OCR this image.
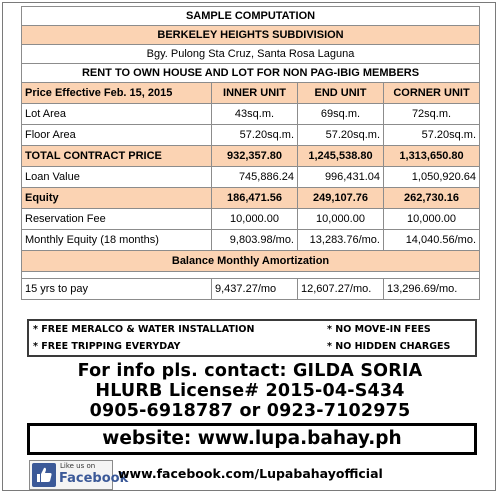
SAMPLE COMPUTATION			
BERKELEY HEIGHTS SUBDIVISION			
Bgy. Pulong Sta Cruz, Santa Rosa Laguna			
RENT TO OWN HOUSE AND LOT FOR NON PAG-IBIG MEMBERS			
Price Effective Feb. 15, 2015	INNER UNIT	END UNIT	CORNER UNIT
Lot Area	43sq.m.	69sq.m.	72sq.m.
Floor Area	57.20sq.m.	57.20sq.m.	57.20sq.m.
TOTAL CONTRACT PRICE	932,357.80	1,245,538.80	1,313,650.80
Loan Value	745,886.24	996,431.04	1,050,920.64
Equity	186,471.56	249,107.76	262,730.16
Reservation Fee	10,000.00	10,000.00	10,000.00
Monthly Equity (18 months)	9,803.98/mo.	13,283.76/mo.	14,040.56/mo.
Balance Monthly Amortization			

15 yrs to pay	9,437.27/mo	12,607.27/mo.	13,296.69/mo.
* FREE MERALCO & WATER INSTALLATION	* NO MOVE-IN FEES
* FREE TRIPPING EVERYDAY	* NO HIDDEN CHARGES
For info pls. contact: GILDA SORIA
HLURB License# 2015-04-S434
0905-6918787 or 0923-7102975
website: www.lupa.bahay.ph
Like us on
Facebook
www.facebook.com/Lupabahayofficial
